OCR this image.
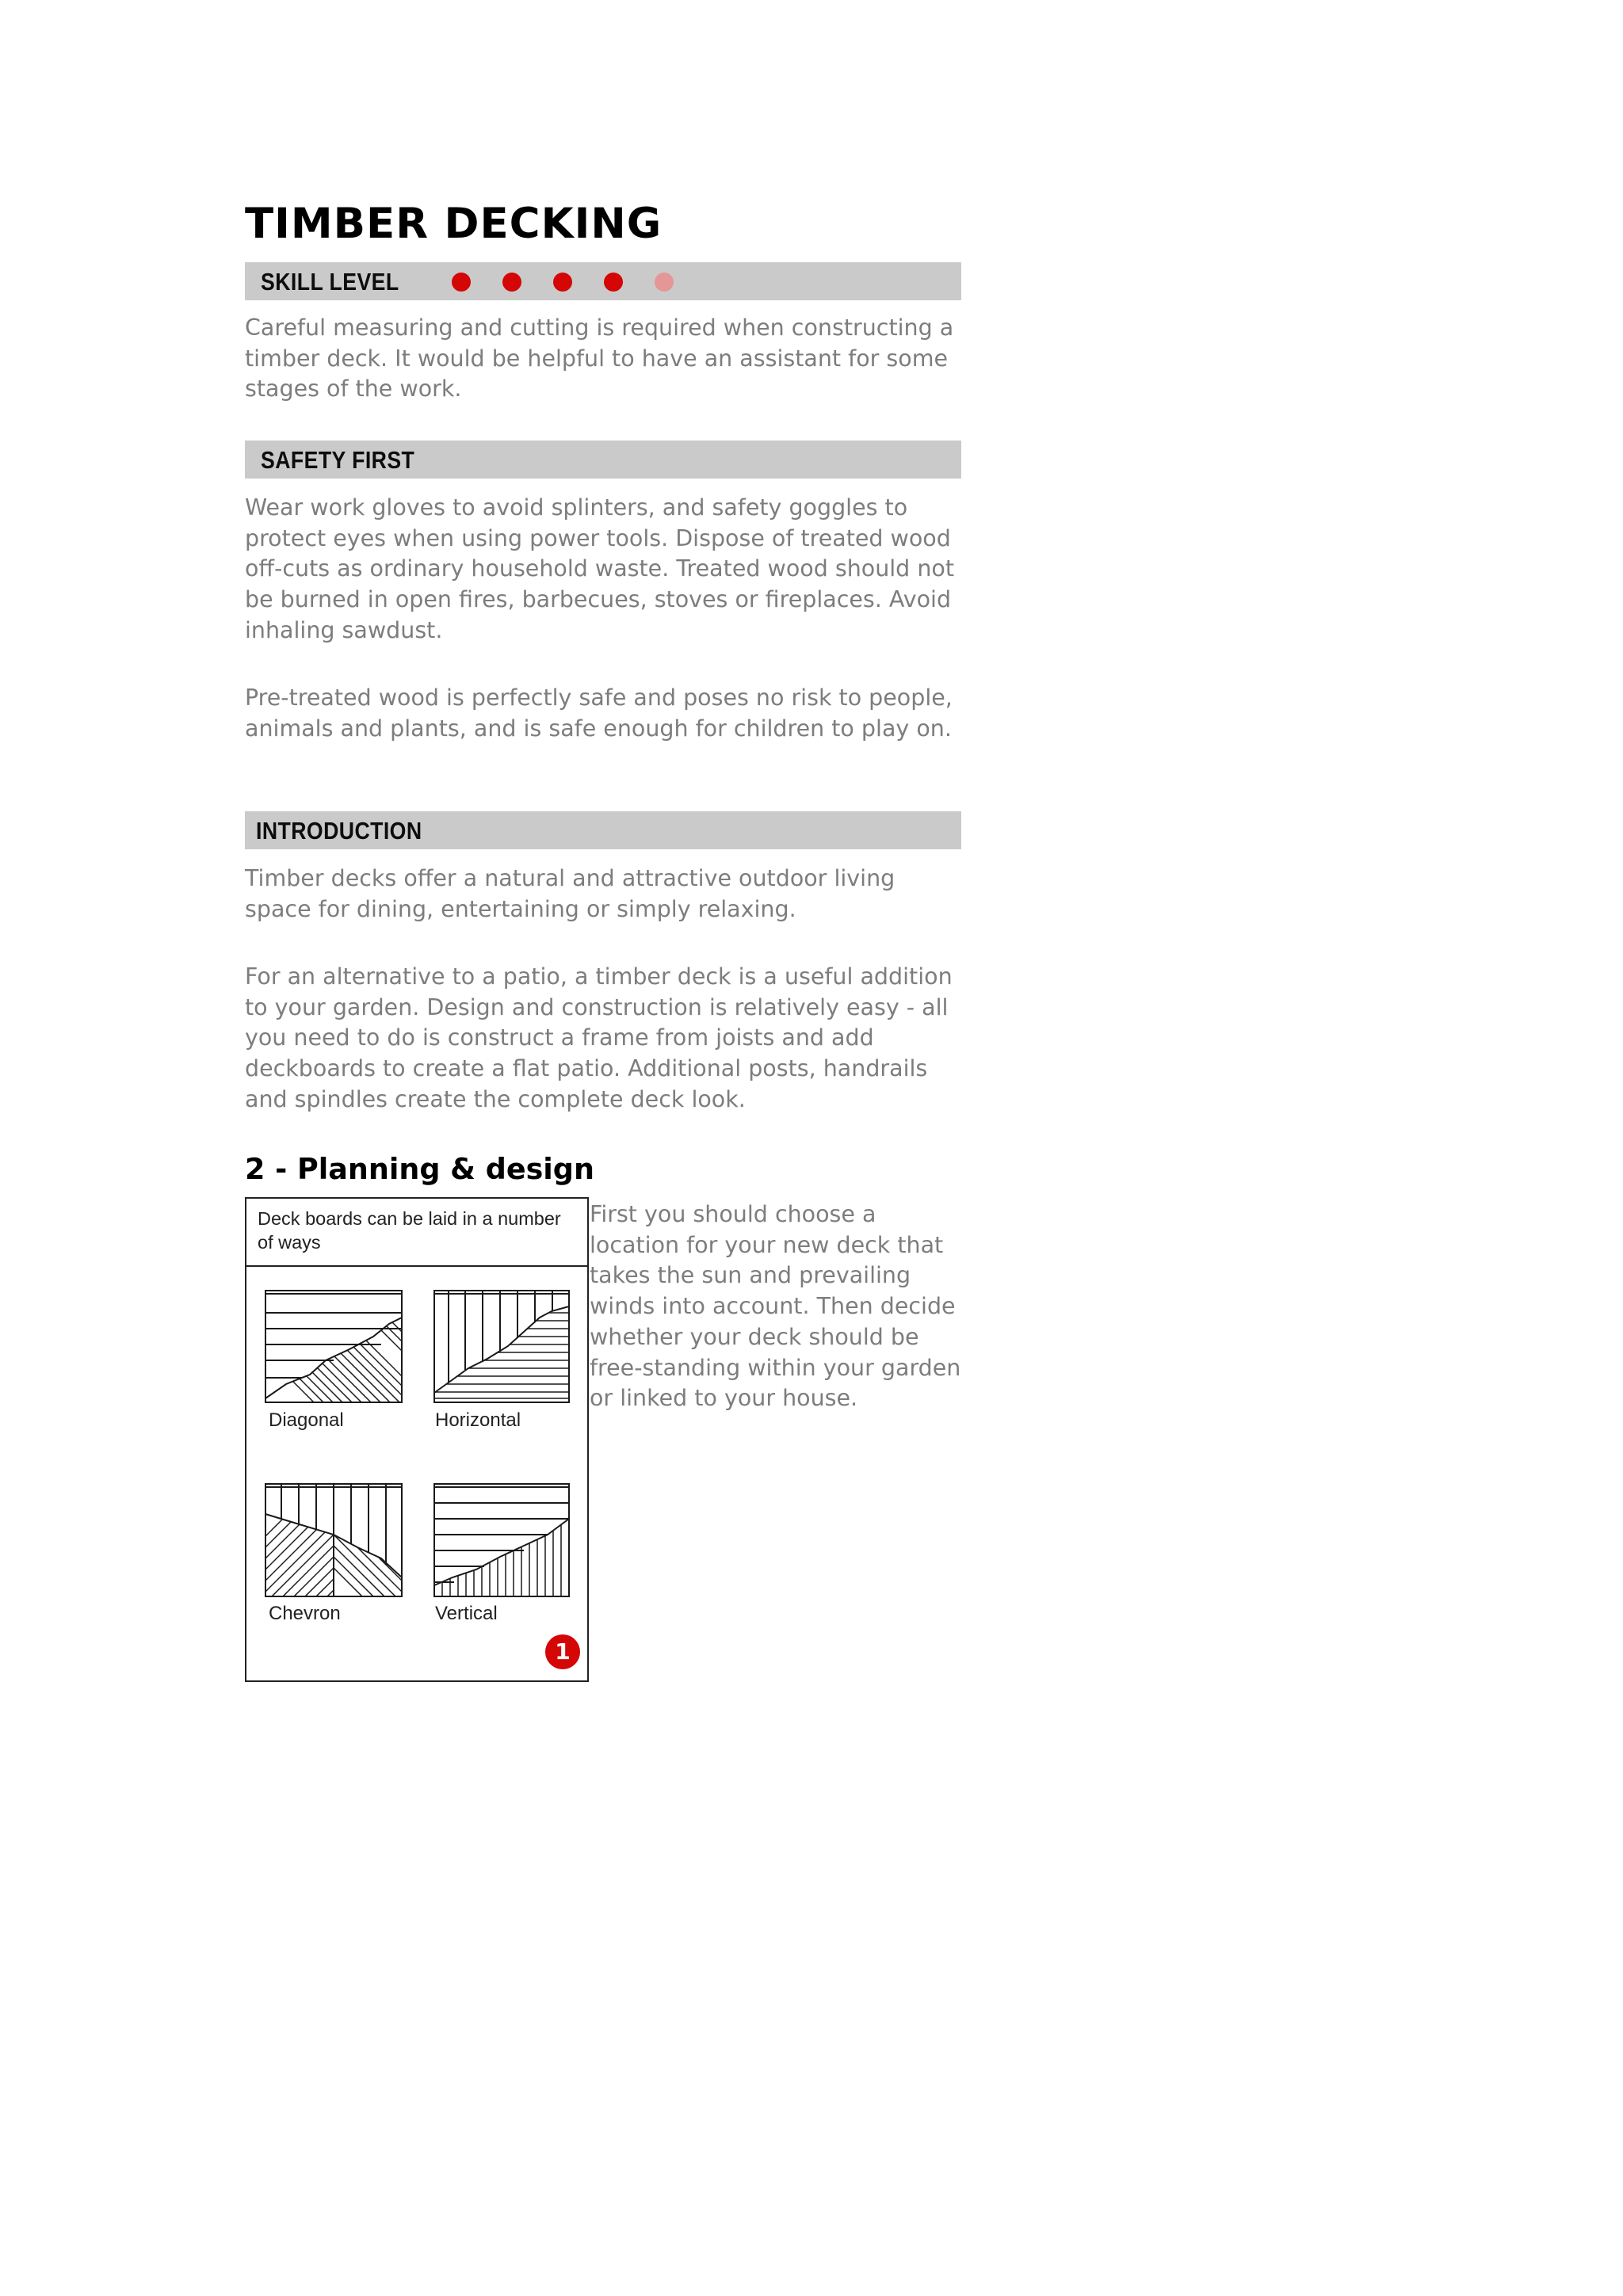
TIMBER DECKING
SKILL LEVEL

Careful measuring and cutting is required when constructing a timber deck. It would be helpful to have an assistant for some stages of the work.

SAFETY FIRST

Wear work gloves to avoid splinters, and safety goggles to protect eyes when using power tools. Dispose of treated wood off-cuts as ordinary household waste. Treated wood should not be burned in open fires, barbecues, stoves or fireplaces. Avoid inhaling sawdust.

Pre-treated wood is perfectly safe and poses no risk to people, animals and plants, and is safe enough for children to play on.

INTRODUCTION

Timber decks offer a natural and attractive outdoor living space for dining, entertaining or simply relaxing.

For an alternative to a patio, a timber deck is a useful addition to your garden. Design and construction is relatively easy - all you need to do is construct a frame from joists and add deckboards to create a flat patio. Additional posts, handrails and spindles create the complete deck look.

2 - Planning & design

Deck boards can be laid in a number of ways

Diagonal	Horizontal
Chevron	Vertical
1

First you should choose a location for your new deck that takes the sun and prevailing winds into account. Then decide whether your deck should be free-standing within your garden or linked to your house.
